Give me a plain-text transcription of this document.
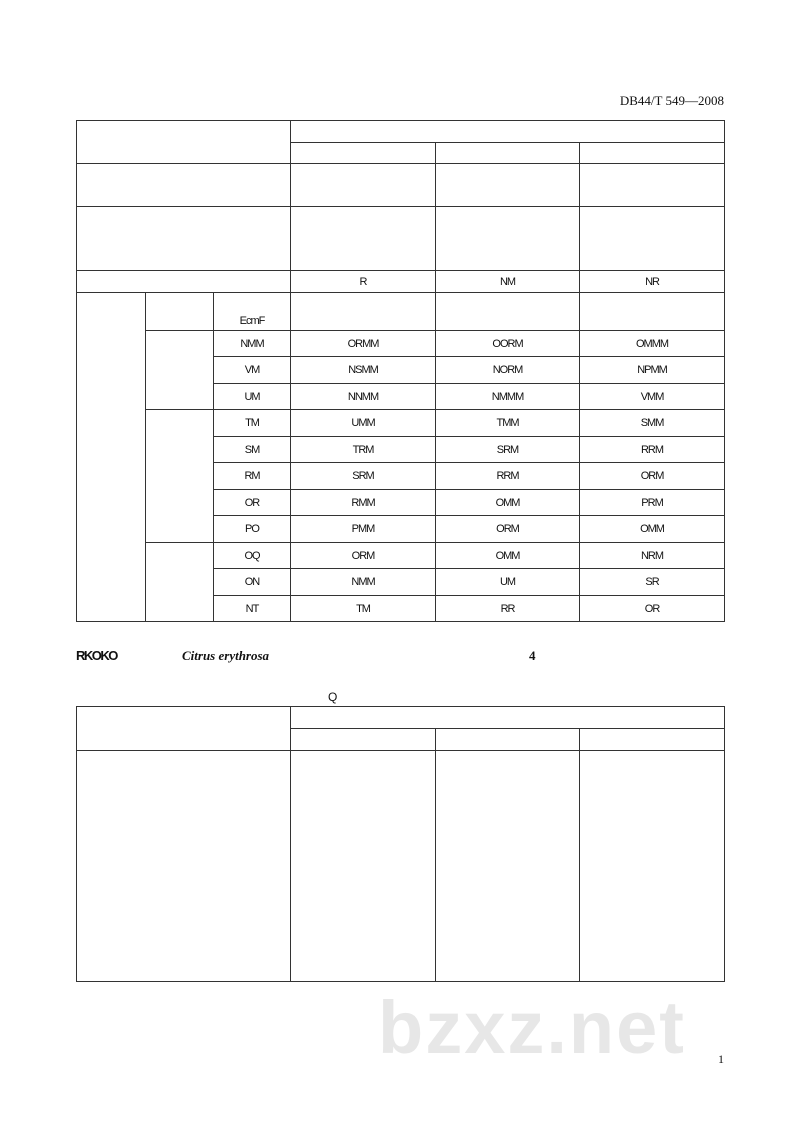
DB44/T 549—2008

			R	NM	NR
		EcmF			
		NMM	ORMM	OORM	OMMM
		VM	NSMM	NORM	NPMM
		UM	NNMM	NMMM	VMM
		TM	UMM	TMM	SMM
		SM	TRM	SRM	RRM
		RM	SRM	RRM	ORM
		OR	RMM	OMM	PRM
		PO	PMM	ORM	OMM
		OQ	ORM	OMM	NRM
		ON	NMM	UM	SR
		NT	TM	RR	OR
RKOKO	Citrus erythrosa	4
Q

bzxz.net	1
